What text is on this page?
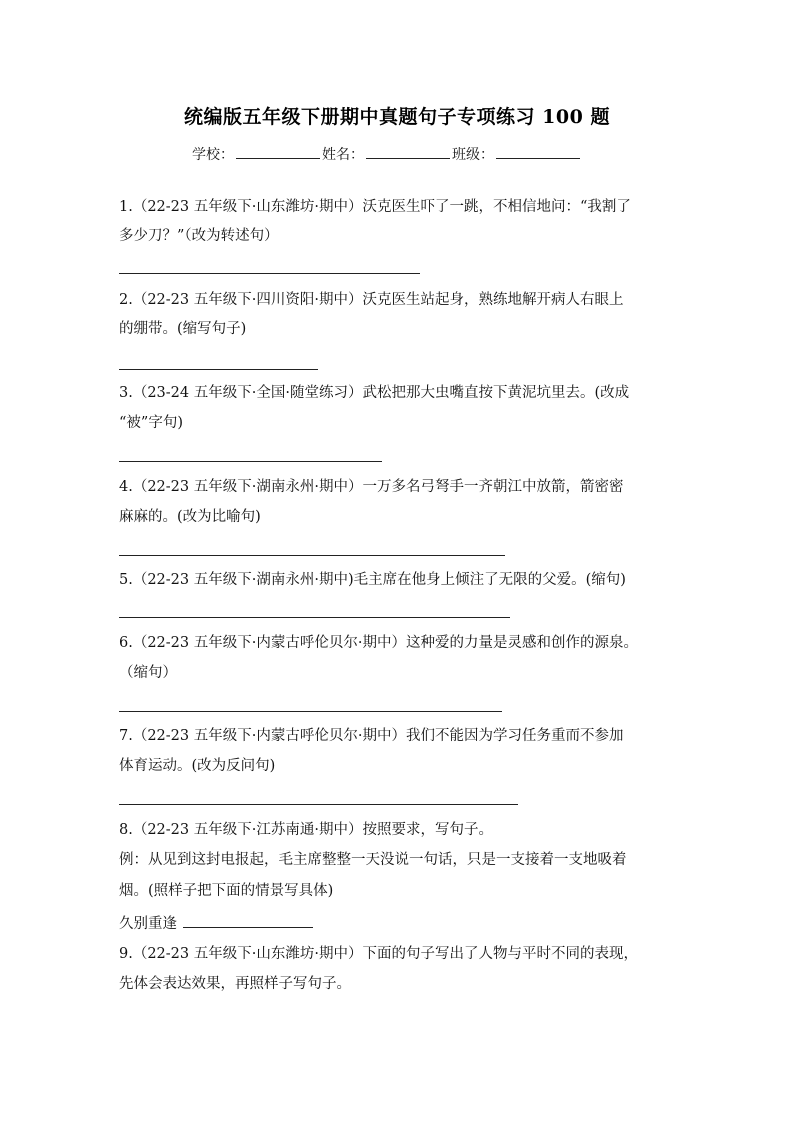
统编版五年级下册期中真题句子专项练习 100 题
学校：	姓名：	班级：
1.（22-23 五年级下·山东潍坊·期中）沃克医生吓了一跳，不相信地问：“我割了
多少刀？”（改为转述句）
2.（22-23 五年级下·四川资阳·期中）沃克医生站起身，熟练地解开病人右眼上
的绷带。(缩写句子)
3.（23-24 五年级下·全国·随堂练习）武松把那大虫嘴直按下黄泥坑里去。(改成
“被”字句)
4.（22-23 五年级下·湖南永州·期中）一万多名弓弩手一齐朝江中放箭，箭密密
麻麻的。(改为比喻句)
5.（22-23 五年级下·湖南永州·期中)毛主席在他身上倾注了无限的父爱。(缩句)
6.（22-23 五年级下·内蒙古呼伦贝尔·期中）这种爱的力量是灵感和创作的源泉。
（缩句）
7.（22-23 五年级下·内蒙古呼伦贝尔·期中）我们不能因为学习任务重而不参加
体育运动。(改为反问句)
8.（22-23 五年级下·江苏南通·期中）按照要求，写句子。
例：从见到这封电报起，毛主席整整一天没说一句话，只是一支接着一支地吸着
烟。(照样子把下面的情景写具体)
久别重逢
9.（22-23 五年级下·山东潍坊·期中）下面的句子写出了人物与平时不同的表现，
先体会表达效果，再照样子写句子。
